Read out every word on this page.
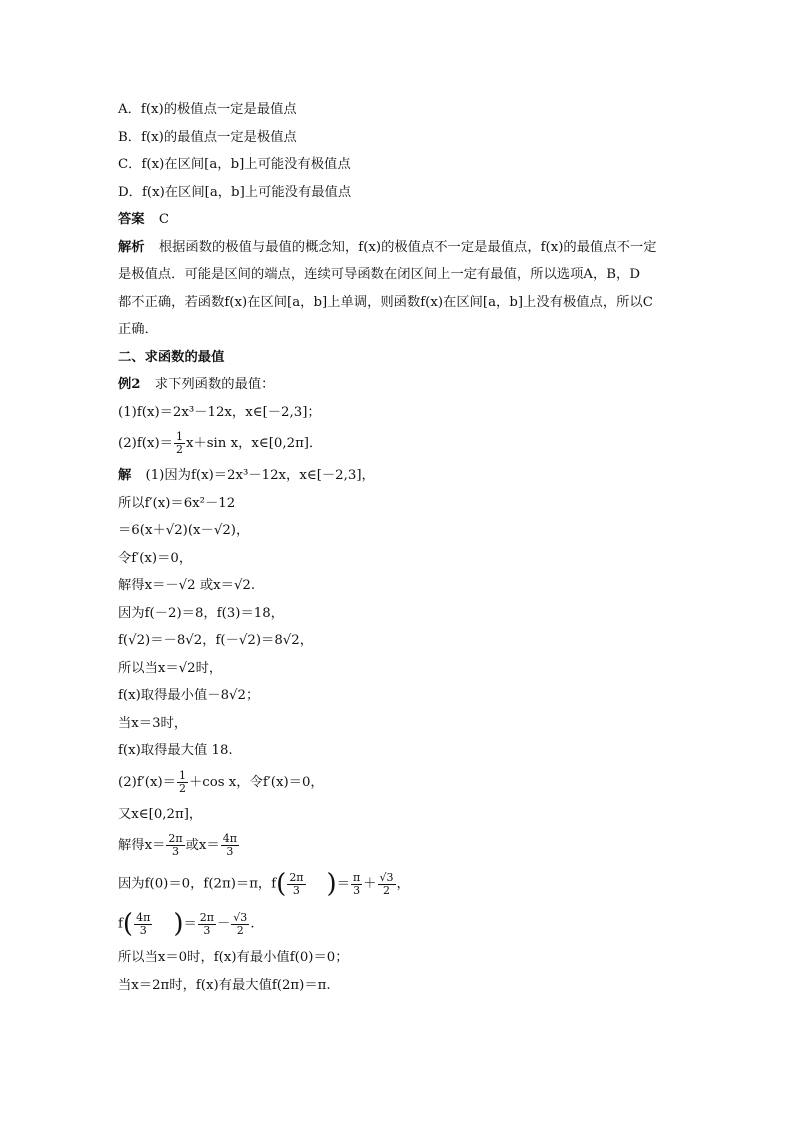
A．f(x)的极值点一定是最值点
B．f(x)的最值点一定是极值点
C．f(x)在区间[a，b]上可能没有极值点
D．f(x)在区间[a，b]上可能没有最值点
答案 C
解析 根据函数的极值与最值的概念知，f(x)的极值点不一定是最值点，f(x)的最值点不一定
是极值点．可能是区间的端点，连续可导函数在闭区间上一定有最值，所以选项A，B，D
都不正确，若函数f(x)在区间[a，b]上单调，则函数f(x)在区间[a，b]上没有极值点，所以C
正确．
二、求函数的最值
例2 求下列函数的最值：
(1)f(x)＝2x³－12x，x∈[－2,3]；
$(2)f(x)= \frac{1}{2} x+\sin$ x，x∈[0,2π]．
解 (1)因为f(x)＝2x³－12x，x∈[－2,3]，
所以f′(x)＝6x²－12
＝6(x＋√2)(x－√2)，
令f′(x)＝0，
解得x＝－√2 或x＝√2.
因为f(－2)＝8，f(3)＝18，
f(√2)＝－8√2，f(－√2)＝8√2，
所以当x＝√2时，
f(x)取得最小值－8√2；
当x＝3时，
f(x)取得最大值 18.
$(2)f'(x)= \frac{1}{2} +\cos$ x，令f′(x)＝0，
又x∈[0,2π]，
解得$x= \frac{2\pi}{3}$ 或$x= \frac{4\pi}{3}$
因为f(0)＝0，f(2π)＝π，$f( \frac{2\pi}{3}$ )＝ $\frac{\pi}{3} + \frac{√3}{2}$ ，
$f( \frac{4\pi}{3}$ )＝ $\frac{2\pi}{3} - \frac{√3}{2}$ .
所以当x＝0时，f(x)有最小值f(0)＝0；
当x＝2π时，f(x)有最大值f(2π)＝π.
